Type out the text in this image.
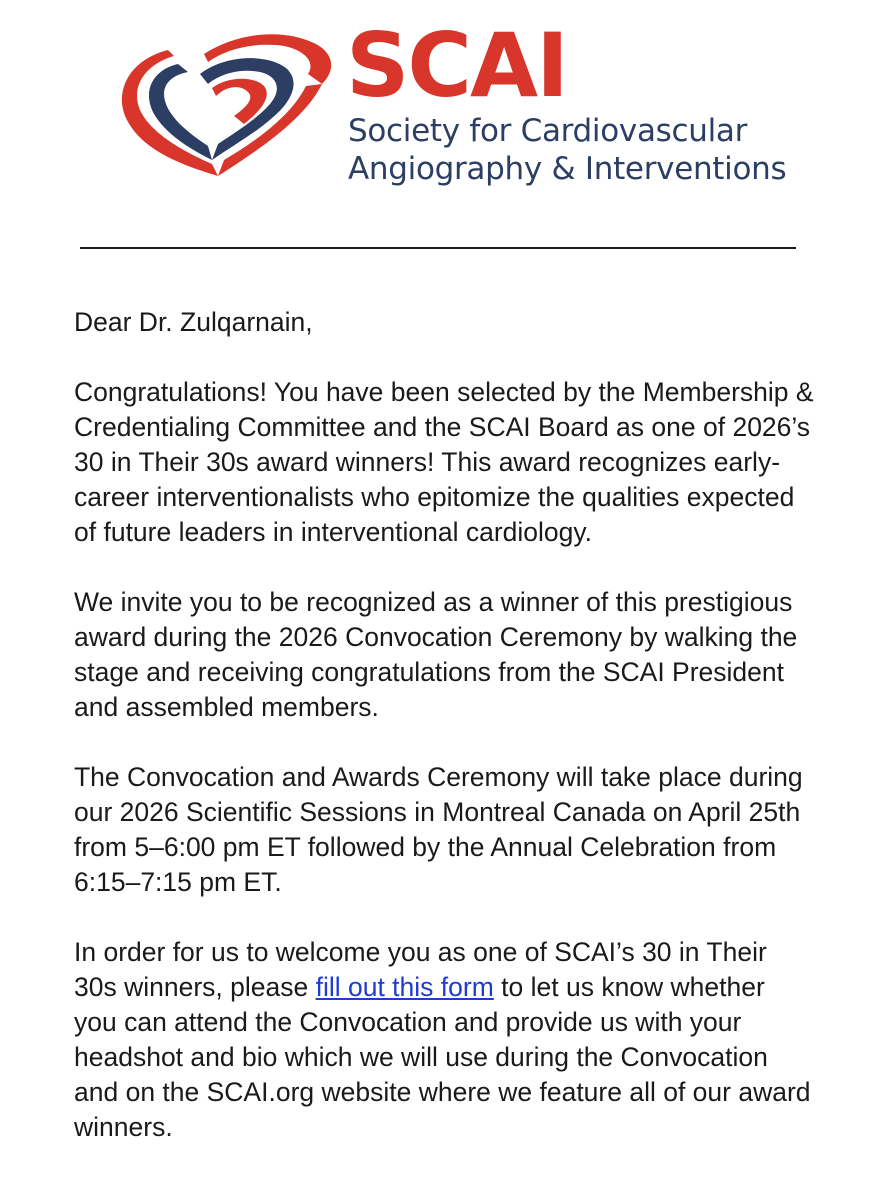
SCAI
Society for Cardiovascular
Angiography & Interventions

Dear Dr. Zulqarnain,

Congratulations! You have been selected by the Membership & Credentialing Committee and the SCAI Board as one of 2026’s 30 in Their 30s award winners! This award recognizes early-career interventionalists who epitomize the qualities expected of future leaders in interventional cardiology.

We invite you to be recognized as a winner of this prestigious award during the 2026 Convocation Ceremony by walking the stage and receiving congratulations from the SCAI President and assembled members.

The Convocation and Awards Ceremony will take place during our 2026 Scientific Sessions in Montreal Canada on April 25th from 5–6:00 pm ET followed by the Annual Celebration from 6:15–7:15 pm ET.

In order for us to welcome you as one of SCAI’s 30 in Their 30s winners, please fill out this form to let us know whether you can attend the Convocation and provide us with your headshot and bio which we will use during the Convocation and on the SCAI.org website where we feature all of our award winners.
